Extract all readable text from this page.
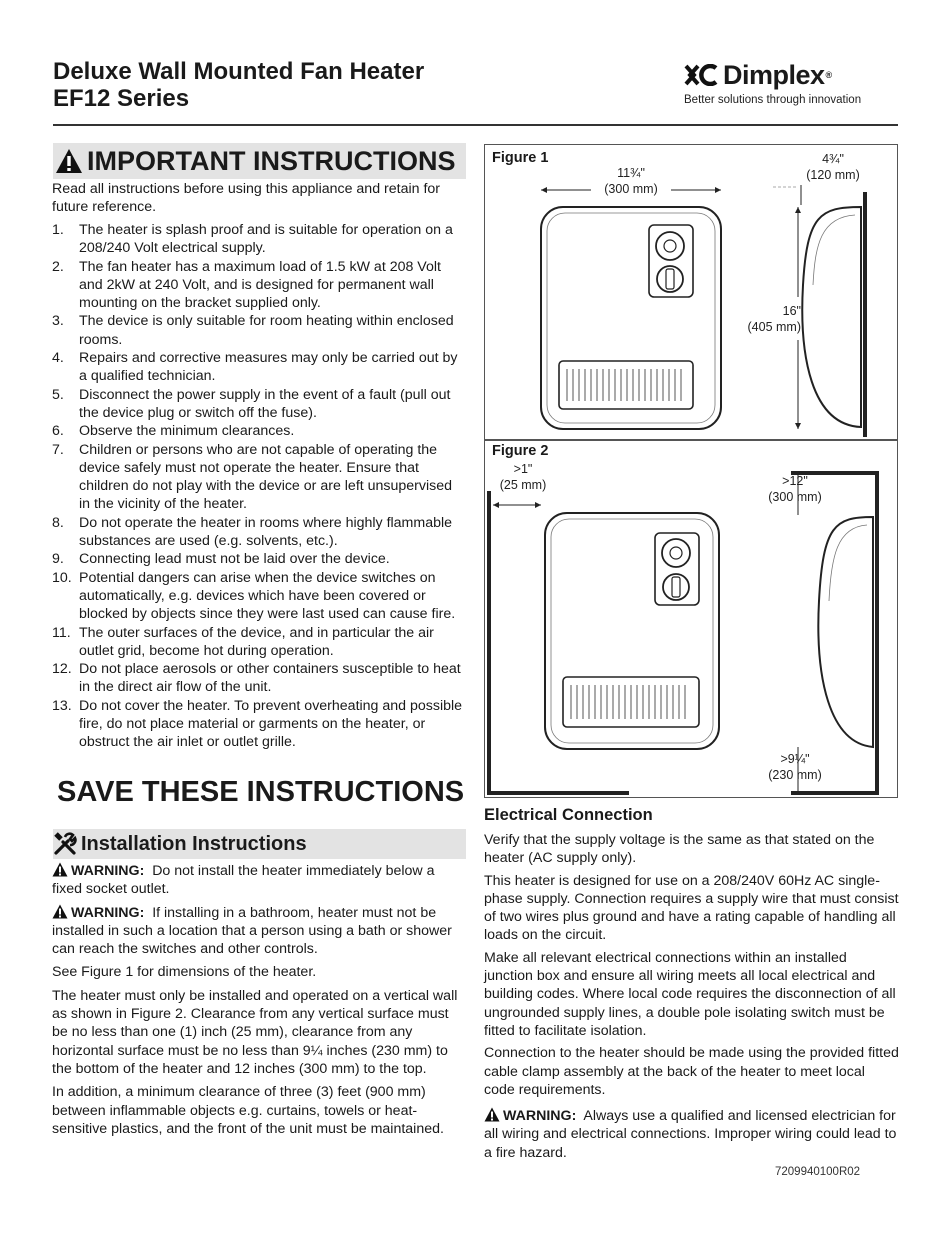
Deluxe Wall Mounted Fan Heater
EF12 Series
Dimplex ®
Better solutions through innovation
IMPORTANT INSTRUCTIONS
Read all instructions before using this appliance and retain for future reference.
1.	The heater is splash proof and is suitable for operation on a 208/240 Volt electrical supply.
2.	The fan heater has a maximum load of 1.5 kW at 208 Volt and 2kW at 240 Volt, and is designed for permanent wall mounting on the bracket supplied only.
3.	The device is only suitable for room heating within enclosed rooms.
4.	Repairs and corrective measures may only be carried out by a qualified technician.
5.	Disconnect the power supply in the event of a fault (pull out the device plug or switch off the fuse).
6.	Observe the minimum clearances.
7.	Children or persons who are not capable of operating the device safely must not operate the heater. Ensure that children do not play with the device or are left unsupervised in the vicinity of the heater.
8.	Do not operate the heater in rooms where highly flammable substances are used (e.g. solvents, etc.).
9.	Connecting lead must not be laid over the device.
10. Potential dangers can arise when the device switches on automatically, e.g. devices which have been covered or blocked by objects since they were last used can cause fire.
11. The outer surfaces of the device, and in particular the air outlet grid, become hot during operation.
12. Do not place aerosols or other containers susceptible to heat in the direct air flow of the unit.
13. Do not cover the heater. To prevent overheating and possible fire, do not place material or garments on the heater, or obstruct the air inlet or outlet grille.
SAVE THESE INSTRUCTIONS
Installation Instructions

WARNING: Do not install the heater immediately below a fixed socket outlet.

WARNING: If installing in a bathroom, heater must not be installed in such a location that a person using a bath or shower can reach the switches and other controls.

See Figure 1 for dimensions of the heater.

The heater must only be installed and operated on a vertical wall as shown in Figure 2. Clearance from any vertical surface must be no less than one (1) inch (25 mm), clearance from any horizontal surface must be no less than 9¼ inches (230 mm) to the bottom of the heater and 12 inches (300 mm) to the top.

In addition, a minimum clearance of three (3) feet (900 mm) between inflammable objects e.g. curtains, towels or heat-sensitive plastics, and the front of the unit must be maintained.

Figure 1
11¾"
(300 mm)
4¾"
(120 mm)
16"
(405 mm)
Figure 2
>1"
(25 mm)	>12"
(300 mm)
>9¼"
(230 mm)
Electrical Connection

Verify that the supply voltage is the same as that stated on the heater (AC supply only).

This heater is designed for use on a 208/240V 60Hz AC single-phase supply. Connection requires a supply wire that must consist of two wires plus ground and have a rating capable of handling all loads on the circuit.

Make all relevant electrical connections within an installed junction box and ensure all wiring meets all local electrical and building codes. Where local code requires the disconnection of all ungrounded supply lines, a double pole isolating switch must be fitted to facilitate isolation.

Connection to the heater should be made using the provided fitted cable clamp assembly at the back of the heater to meet local code requirements.

WARNING: Always use a qualified and licensed electrician for all wiring and electrical connections. Improper wiring could lead to a fire hazard.

7209940100R02
